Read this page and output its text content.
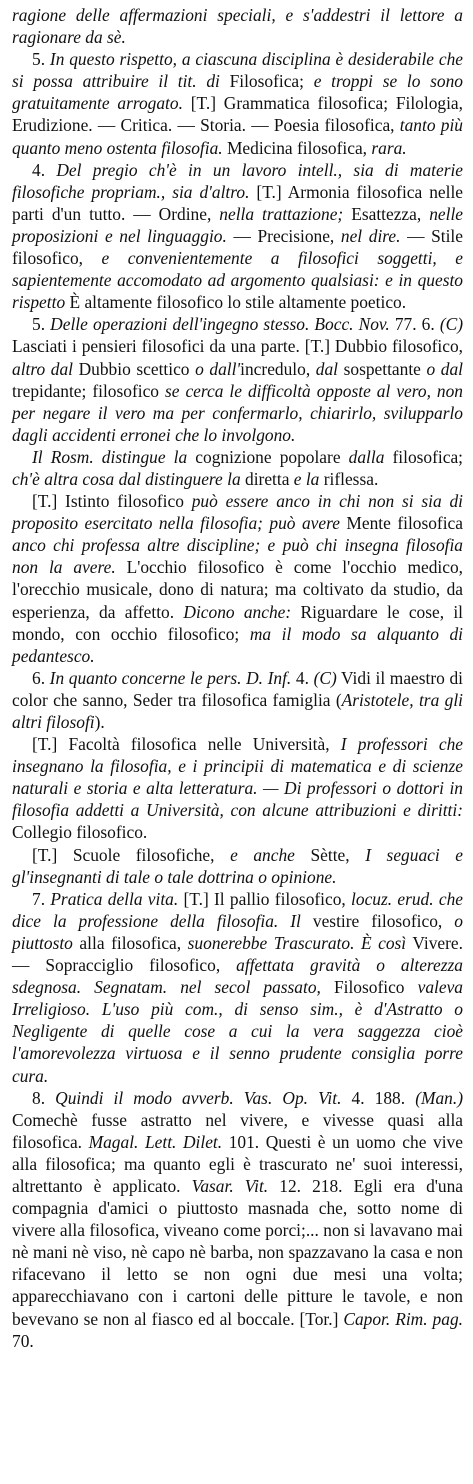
ragione delle affermazioni speciali, e s'addestri il lettore a ragionare da sè.

5. In questo rispetto, a ciascuna disciplina è desiderabile che si possa attribuire il tit. di Filosofica; e troppi se lo sono gratuitamente arrogato. [T.] Grammatica filosofica; Filologia, Erudizione. — Critica. — Storia. — Poesia filosofica, tanto più quanto meno ostenta filosofia. Medicina filosofica, rara.

4. Del pregio ch'è in un lavoro intell., sia di materie filosofiche propriam., sia d'altro. [T.] Armonia filosofica nelle parti d'un tutto. — Ordine, nella trattazione; Esattezza, nelle proposizioni e nel linguaggio. — Precisione, nel dire. — Stile filosofico, e convenientemente a filosofici soggetti, e sapientemente accomodato ad argomento qualsiasi: e in questo rispetto È altamente filosofico lo stile altamente poetico.

5. Delle operazioni dell'ingegno stesso. Bocc. Nov. 77. 6. (C) Lasciati i pensieri filosofici da una parte. [T.] Dubbio filosofico, altro dal Dubbio scettico o dall'incredulo, dal sospettante o dal trepidante; filosofico se cerca le difficoltà opposte al vero, non per negare il vero ma per confermarlo, chiarirlo, svilupparlo dagli accidenti erronei che lo involgono.

Il Rosm. distingue la cognizione popolare dalla filosofica; ch'è altra cosa dal distinguere la diretta e la riflessa.

[T.] Istinto filosofico può essere anco in chi non si sia di proposito esercitato nella filosofia; può avere Mente filosofica anco chi professa altre discipline; e può chi insegna filosofia non la avere. L'occhio filosofico è come l'occhio medico, l'orecchio musicale, dono di natura; ma coltivato da studio, da esperienza, da affetto. Dicono anche: Riguardare le cose, il mondo, con occhio filosofico; ma il modo sa alquanto di pedantesco.

6. In quanto concerne le pers. D. Inf. 4. (C) Vidi il maestro di color che sanno, Seder tra filosofica famiglia (Aristotele, tra gli altri filosofi).

[T.] Facoltà filosofica nelle Università, I professori che insegnano la filosofia, e i principii di matematica e di scienze naturali e storia e alta letteratura. — Di professori o dottori in filosofia addetti a Università, con alcune attribuzioni e diritti: Collegio filosofico.

[T.] Scuole filosofiche, e anche Sètte, I seguaci e gl'insegnanti di tale o tale dottrina o opinione.

7. Pratica della vita. [T.] Il pallio filosofico, locuz. erud. che dice la professione della filosofia. Il vestire filosofico, o piuttosto alla filosofica, suonerebbe Trascurato. È così Vivere. — Sopracciglio filosofico, affettata gravità o alterezza sdegnosa. Segnatam. nel secol passato, Filosofico valeva Irreligioso. L'uso più com., di senso sim., è d'Astratto o Negligente di quelle cose a cui la vera saggezza cioè l'amorevolezza virtuosa e il senno prudente consiglia porre cura.

8. Quindi il modo avverb. Vas. Op. Vit. 4. 188. (Man.) Comechè fusse astratto nel vivere, e vivesse quasi alla filosofica. Magal. Lett. Dilet. 101. Questi è un uomo che vive alla filosofica; ma quanto egli è trascurato ne' suoi interessi, altrettanto è applicato. Vasar. Vit. 12. 218. Egli era d'una compagnia d'amici o piuttosto masnada che, sotto nome di vivere alla filosofica, viveano come porci;... non si lavavano mai nè mani nè viso, nè capo nè barba, non spazzavano la casa e non rifacevano il letto se non ogni due mesi una volta; apparecchiavano con i cartoni delle pitture le tavole, e non bevevano se non al fiasco ed al boccale. [Tor.] Capor. Rim. pag. 70.
